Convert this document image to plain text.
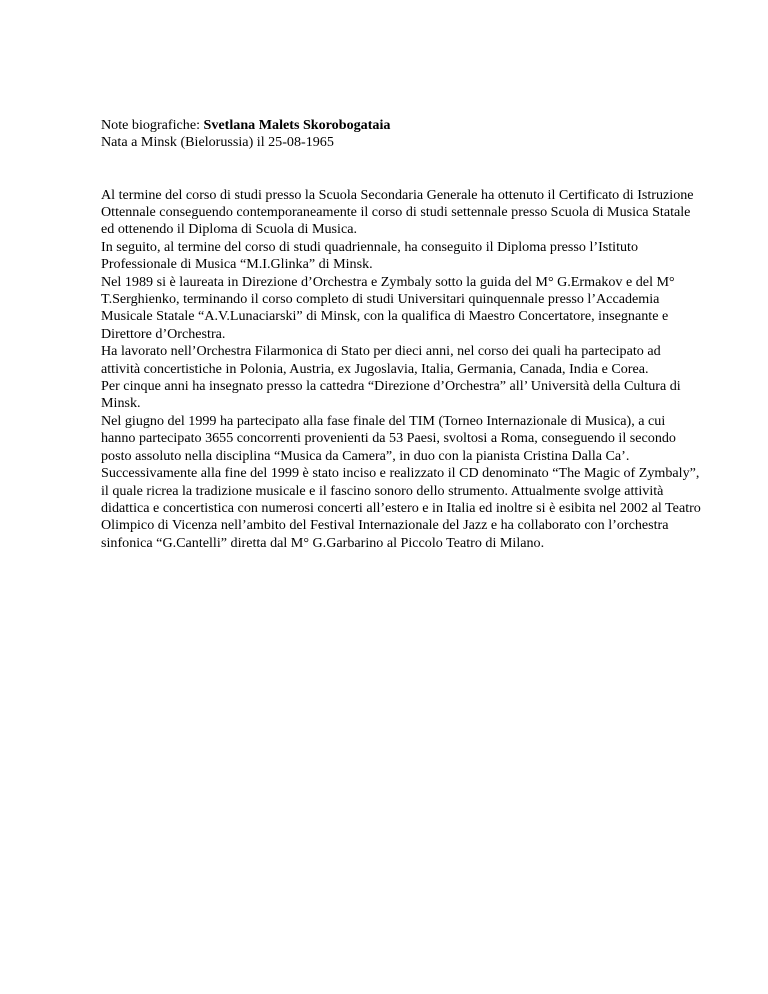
Note biografiche: Svetlana Malets Skorobogataia
Nata a Minsk (Bielorussia) il 25-08-1965

Al termine del corso di studi presso la Scuola Secondaria Generale ha ottenuto il Certificato di Istruzione Ottennale conseguendo contemporaneamente il corso di studi settennale presso Scuola di Musica Statale ed ottenendo il Diploma di Scuola di Musica.

In seguito, al termine del corso di studi quadriennale, ha conseguito il Diploma presso l’Istituto Professionale di Musica “M.I.Glinka” di Minsk.

Nel 1989 si è laureata in Direzione d’Orchestra e Zymbaly sotto la guida del M° G.Ermakov e del M° T.Serghienko, terminando il corso completo di studi Universitari quinquennale presso l’Accademia Musicale Statale “A.V.Lunaciarski” di Minsk, con la qualifica di Maestro Concertatore, insegnante e Direttore d’Orchestra.

Ha lavorato nell’Orchestra Filarmonica di Stato per dieci anni, nel corso dei quali ha partecipato ad attività concertistiche in Polonia, Austria, ex Jugoslavia, Italia, Germania, Canada, India e Corea.

Per cinque anni ha insegnato presso la cattedra “Direzione d’Orchestra” all’ Università della Cultura di Minsk.

Nel giugno del 1999 ha partecipato alla fase finale del TIM (Torneo Internazionale di Musica), a cui hanno partecipato 3655 concorrenti provenienti da 53 Paesi, svoltosi a Roma, conseguendo il secondo posto assoluto nella disciplina “Musica da Camera”, in duo con la pianista Cristina Dalla Ca’.

Successivamente alla fine del 1999 è stato inciso e realizzato il CD denominato “The Magic of Zymbaly”, il quale ricrea la tradizione musicale e il fascino sonoro dello strumento. Attualmente svolge attività didattica e concertistica con numerosi concerti all’estero e in Italia ed inoltre si è esibita nel 2002 al Teatro Olimpico di Vicenza nell’ambito del Festival Internazionale del Jazz e ha collaborato con l’orchestra sinfonica “G.Cantelli” diretta dal M° G.Garbarino al Piccolo Teatro di Milano.
